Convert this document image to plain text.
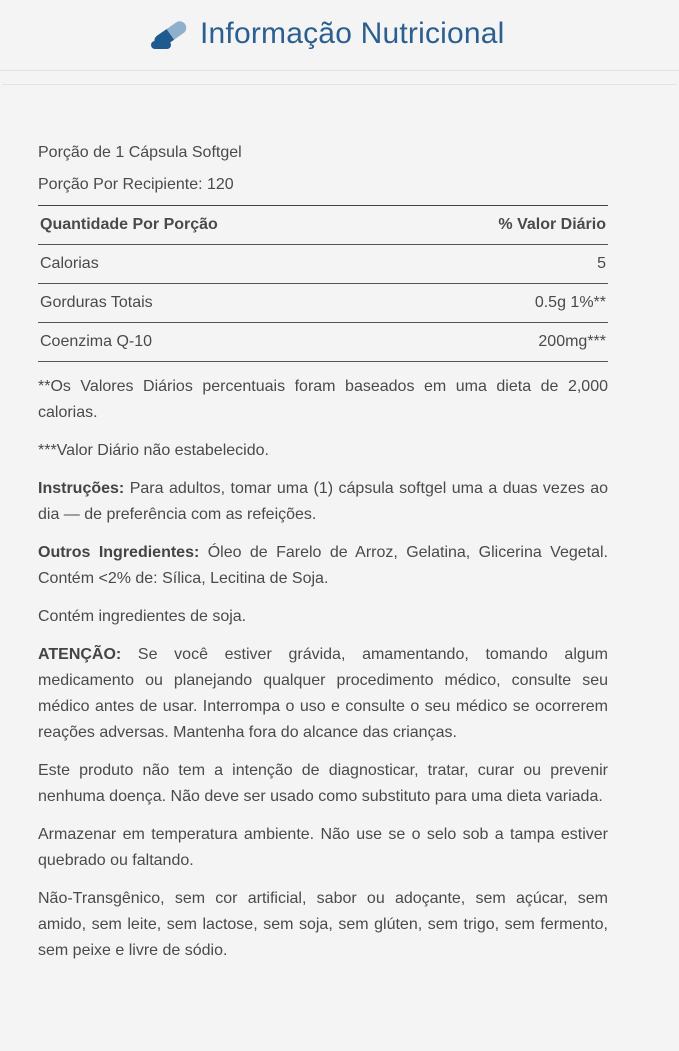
Informação Nutricional
Porção de 1 Cápsula Softgel
Porção Por Recipiente: 120
Quantidade Por Porção	% Valor Diário
Calorias	5
Gorduras Totais	0.5g 1%**
Coenzima Q-10	200mg***

**Os Valores Diários percentuais foram baseados em uma dieta de 2,000 calorias.

***Valor Diário não estabelecido.

Instruções: Para adultos, tomar uma (1) cápsula softgel uma a duas vezes ao dia — de preferência com as refeições.

Outros Ingredientes: Óleo de Farelo de Arroz, Gelatina, Glicerina Vegetal. Contém <2% de: Sílica, Lecitina de Soja.

Contém ingredientes de soja.

ATENÇÃO: Se você estiver grávida, amamentando, tomando algum medicamento ou planejando qualquer procedimento médico, consulte seu médico antes de usar. Interrompa o uso e consulte o seu médico se ocorrerem reações adversas. Mantenha fora do alcance das crianças.

Este produto não tem a intenção de diagnosticar, tratar, curar ou prevenir nenhuma doença. Não deve ser usado como substituto para uma dieta variada.

Armazenar em temperatura ambiente. Não use se o selo sob a tampa estiver quebrado ou faltando.

Não-Transgênico, sem cor artificial, sabor ou adoçante, sem açúcar, sem amido, sem leite, sem lactose, sem soja, sem glúten, sem trigo, sem fermento, sem peixe e livre de sódio.
